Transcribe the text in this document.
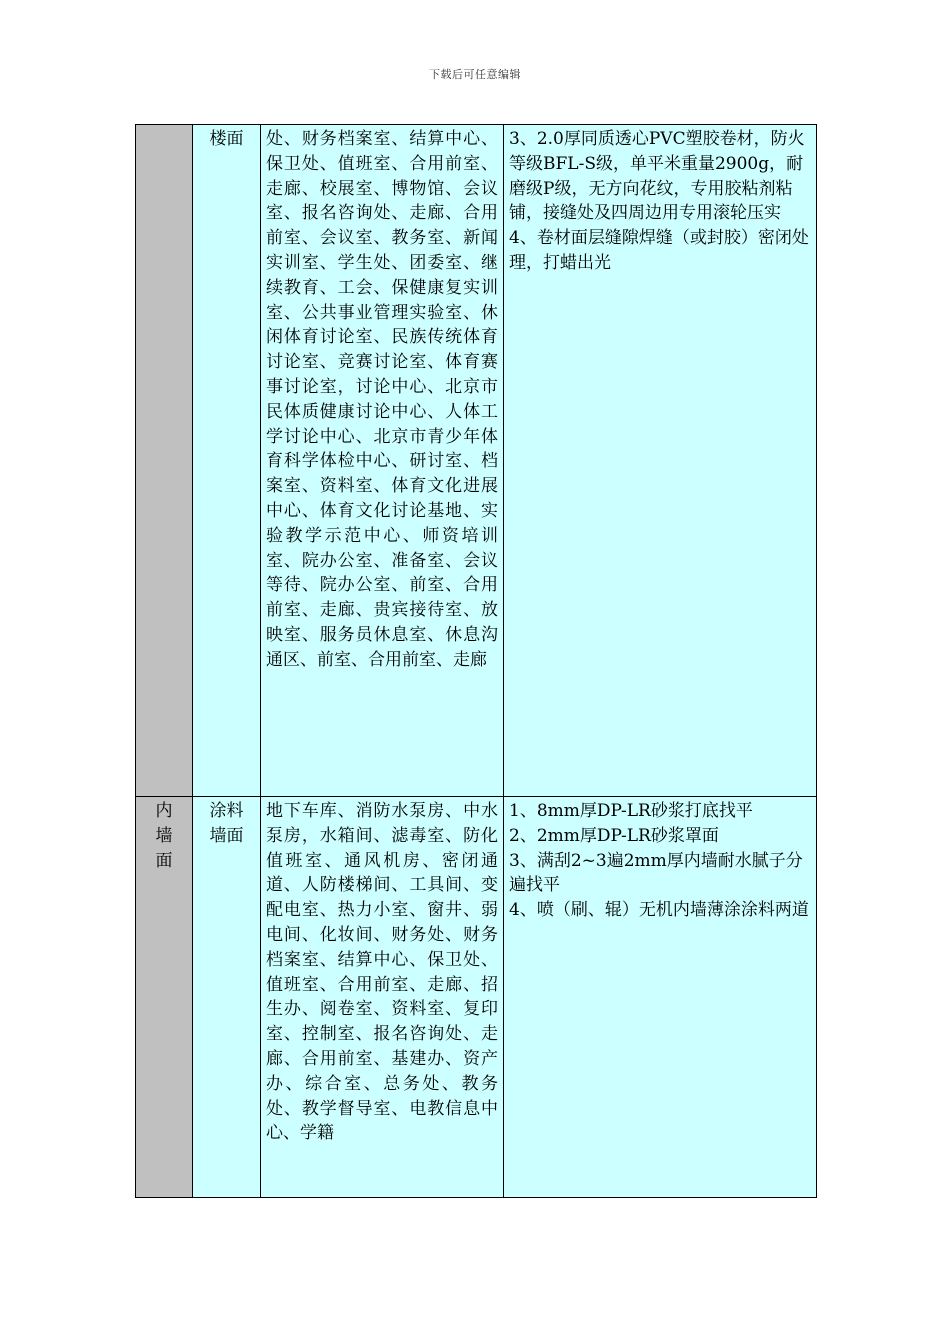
下载后可任意编辑
	楼面	处、财务档案室、结算中心、保卫处、值班室、合用前室、走廊、校展室、博物馆、会议室、报名咨询处、走廊、合用前室、会议室、教务室、新闻实训室、学生处、团委室、继续教育、工会、保健康复实训室、公共事业管理实验室、休闲体育讨论室、民族传统体育讨论室、竞赛讨论室、体育赛事讨论室，讨论中心、北京市民体质健康讨论中心、人体工学讨论中心、北京市青少年体育科学体检中心、研讨室、档案室、资料室、体育文化进展中心、体育文化讨论基地、实验教学示范中心、师资培训室、院办公室、准备室、会议等待、院办公室、前室、合用前室、走廊、贵宾接待室、放映室、服务员休息室、休息沟通区、前室、合用前室、走廊	3、2.0厚同质透心PVC塑胶卷材，防火等级BFL-S级，单平米重量2900g，耐磨级P级，无方向花纹，专用胶粘剂粘铺，接缝处及四周边用专用滚轮压实
4、卷材面层缝隙焊缝（或封胶）密闭处理，打蜡出光

内墙面	涂料墙面	地下车库、消防水泵房、中水泵房，水箱间、滤毒室、防化值班室、通风机房、密闭通道、人防楼梯间、工具间、变配电室、热力小室、窗井、弱电间、化妆间、财务处、财务档案室、结算中心、保卫处、值班室、合用前室、走廊、招生办、阅卷室、资料室、复印室、控制室、报名咨询处、走廊、合用前室、基建办、资产办、综合室、总务处、教务处、教学督导室、电教信息中心、学籍	1、8mm厚DP-LR砂浆打底找平
2、2mm厚DP-LR砂浆罩面
3、满刮2~3遍2mm厚内墙耐水腻子分遍找平
4、喷（刷、辊）无机内墙薄涂涂料两道
